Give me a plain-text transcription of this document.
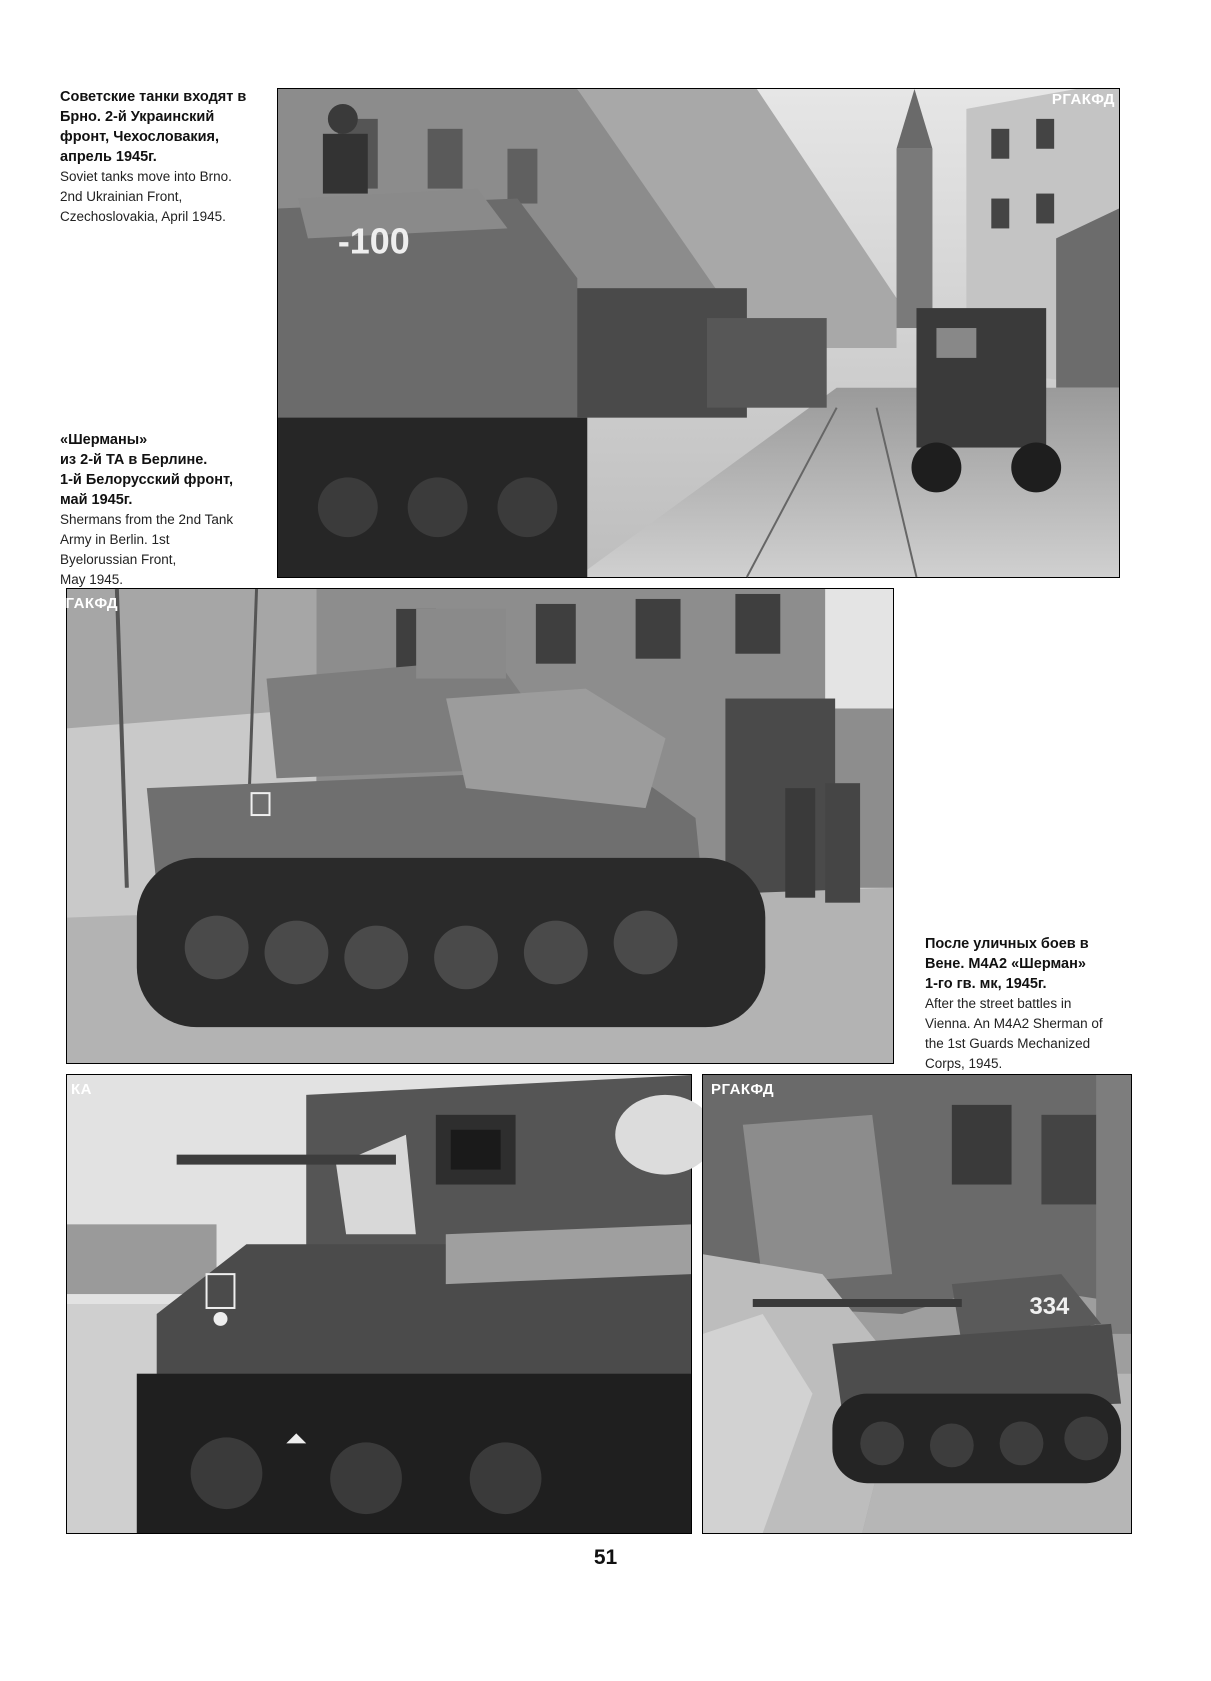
Советские танки входят в
Брно. 2-й Украинский
фронт, Чехословакия,
апрель 1945г.
Soviet tanks move into Brno.
2nd Ukrainian Front,
Czechoslovakia, April 1945.
-100
РГАКФД
«Шерманы»
из 2-й ТА в Берлине.
1-й Белорусский фронт,
май 1945г.
Shermans from the 2nd Tank
Army in Berlin. 1st
Byelorussian Front,
May 1945.
РГАКФД
После уличных боев в
Вене. М4А2 «Шерман»
1-го гв. мк, 1945г.
After the street battles in
Vienna. An M4A2 Sherman of
the 1st Guards Mechanized
Corps, 1945.
КА
334
РГАКФД
51
